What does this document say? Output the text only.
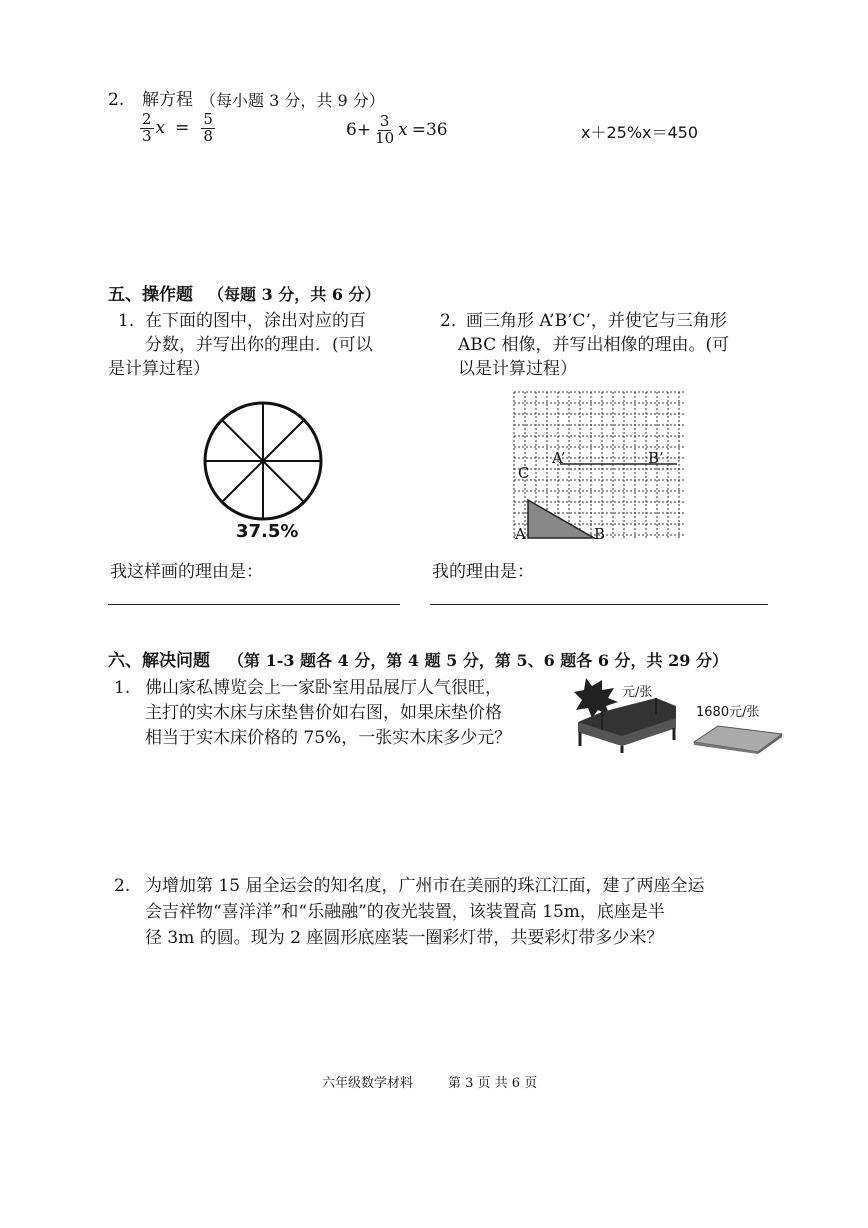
2. 解方程 （每小题 3 分，共 9 分）
$\frac{2}{3}$ $x = \frac{5}{8}$	$6+ \frac{3}{10}$ x =36	x＋25%x＝450
五、操作题 （每题 3 分，共 6 分）
1． 在下面的图中，涂出对应的百
分数，并写出你的理由．(可以
是计算过程）
37.5%
我这样画的理由是：
2．
画三角形 A’B’C’，并使它与三角形
ABC 相像，并写出相像的理由。(可
以是计算过程）
A	B
C
A’	B’
我的理由是：
六、解决问题 （第 1-3 题各 4 分，第 4 题 5 分，第 5、6 题各 6 分，共 29 分）
1. 佛山家私博览会上一家卧室用品展厅人气很旺，
主打的实木床与床垫售价如右图，如果床垫价格
相当于实木床价格的 75%，一张实木床多少元？
元/张
1680元/张
2. 为增加第 15 届全运会的知名度，广州市在美丽的珠江江面，建了两座全运
会吉祥物“喜洋洋”和“乐融融”的夜光装置，该装置高 15m，底座是半
径 3m 的圆。现为 2 座圆形底座装一圈彩灯带，共要彩灯带多少米？
六年级数学材料	第 3 页 共 6 页
